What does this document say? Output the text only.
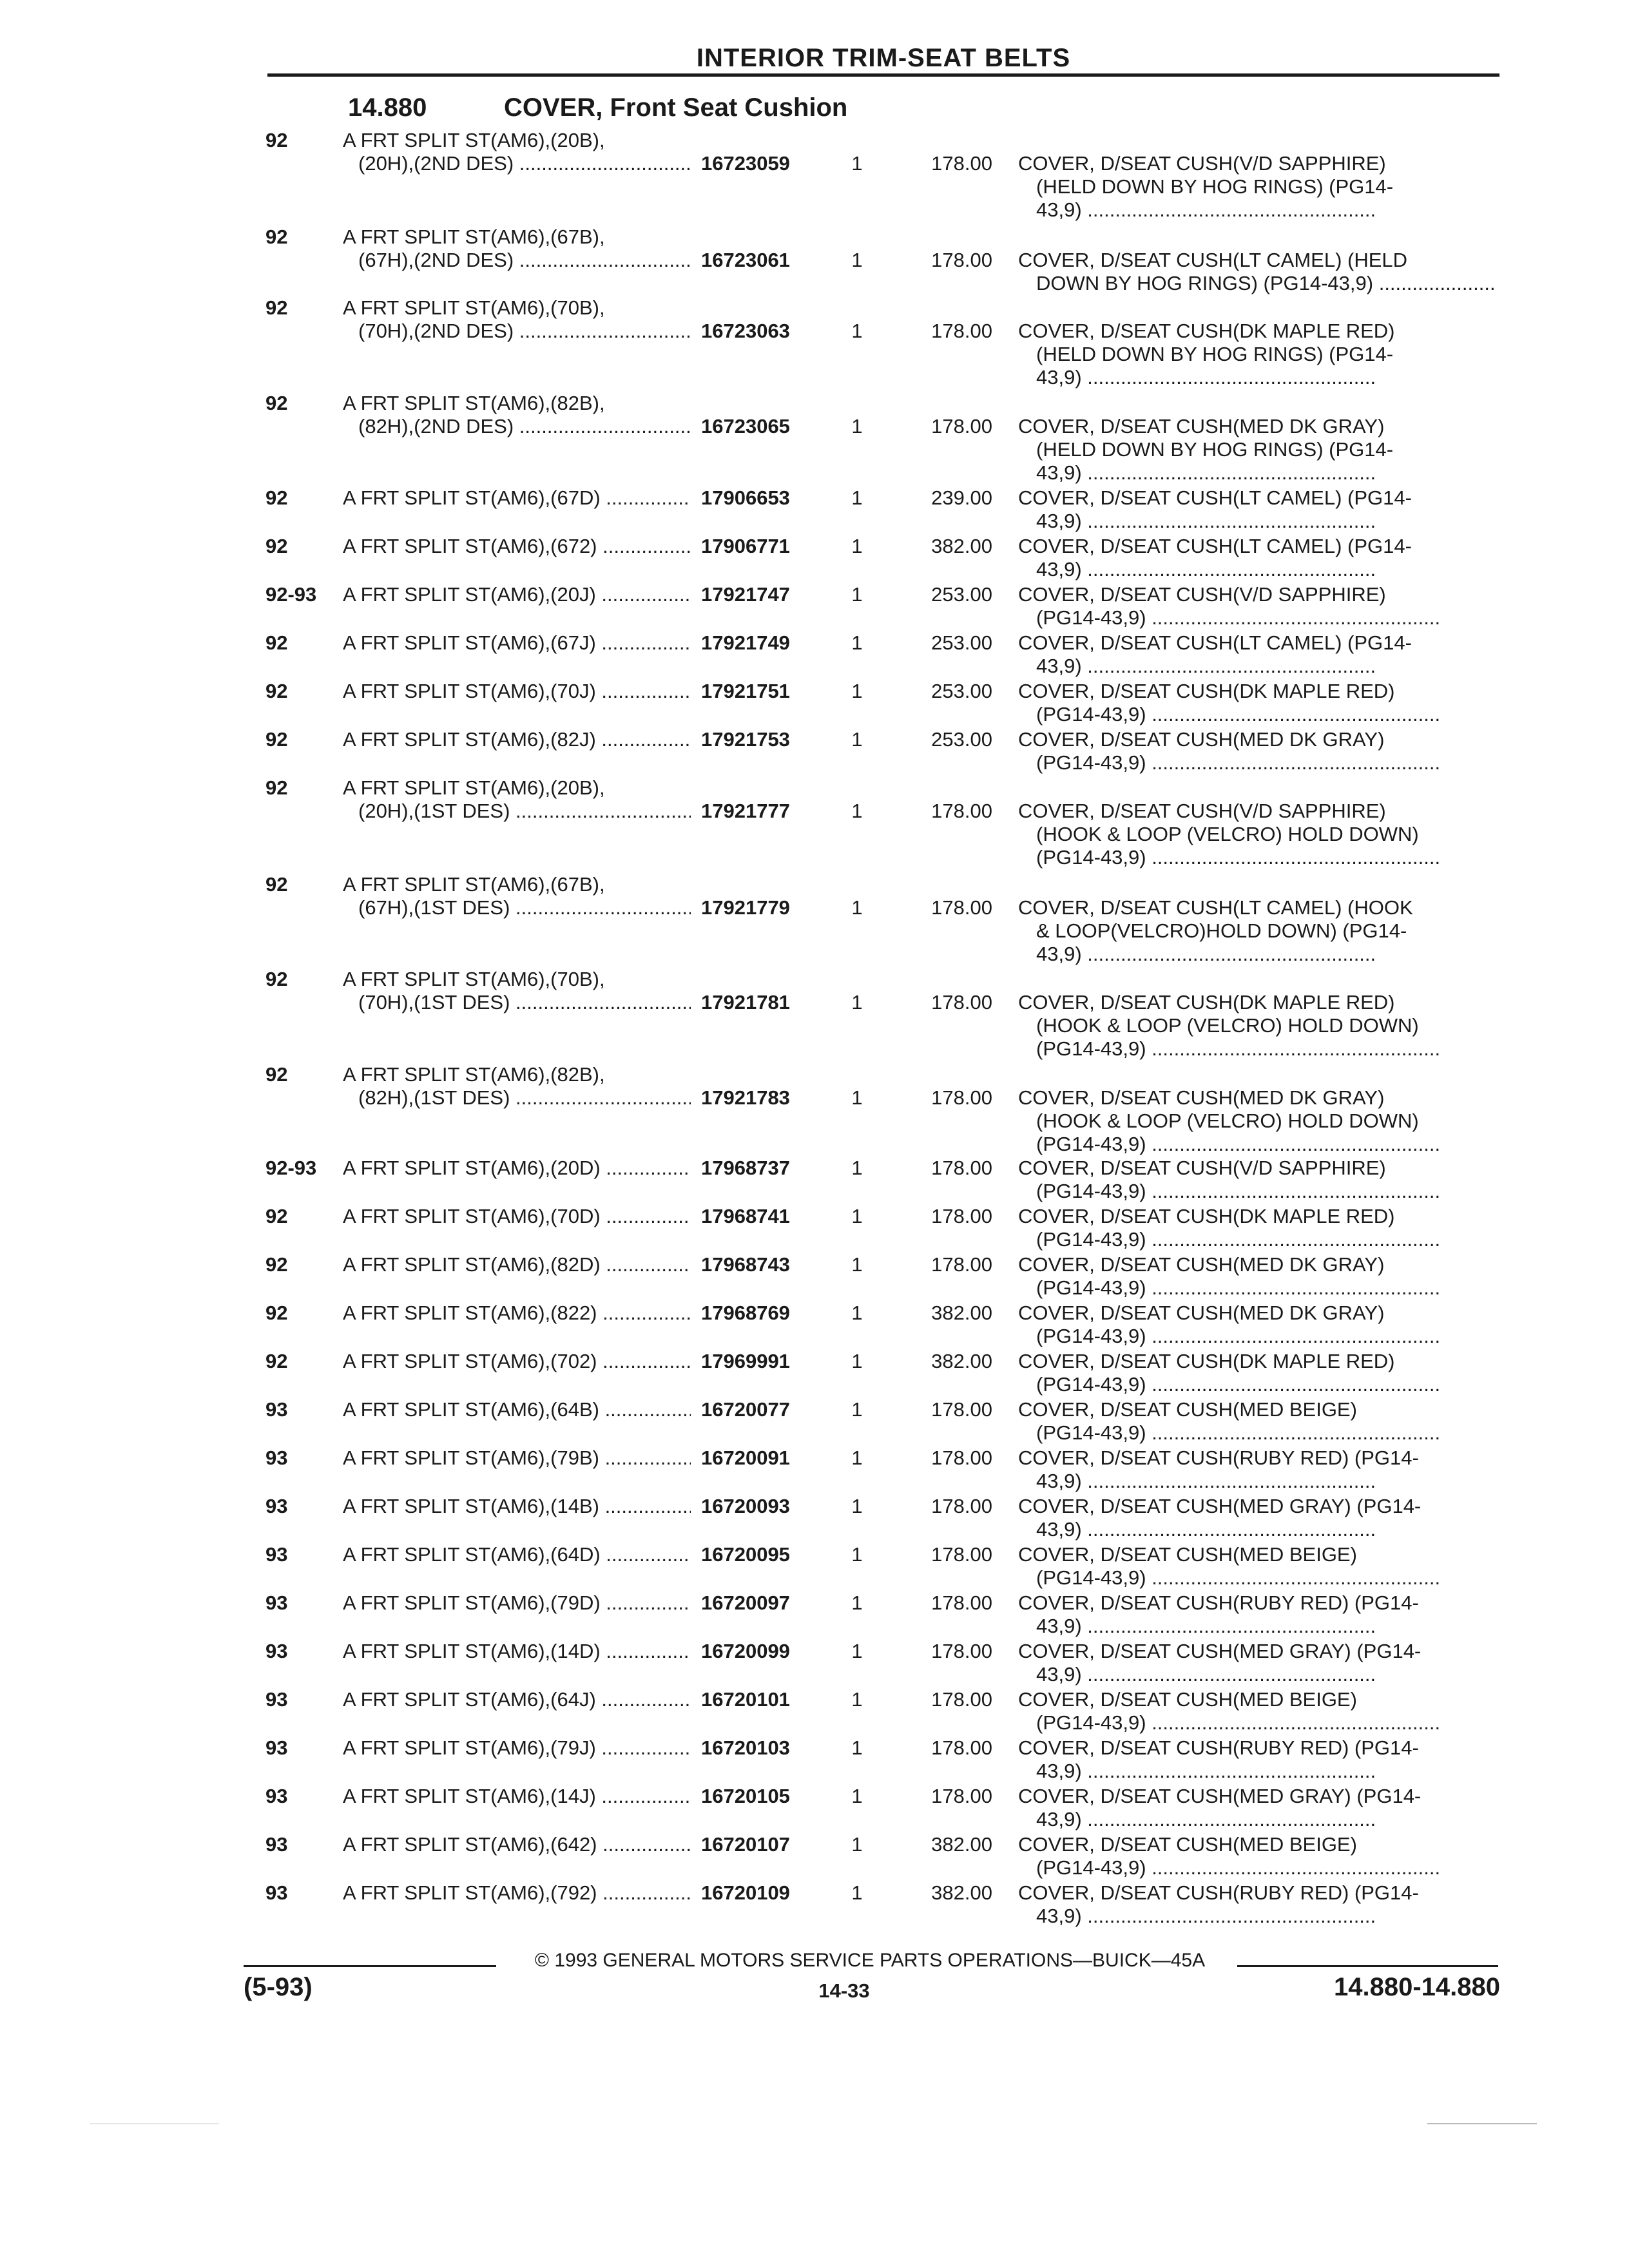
INTERIOR TRIM-SEAT BELTS
14.880	COVER, Front Seat Cushion
92	A FRT SPLIT ST(AM6),(20B),
(20H),(2ND DES) .....	16723059	1	178.00 COVER, D/SEAT CUSH(V/D SAPPHIRE)
(HELD DOWN BY HOG RINGS) (PG14-
43,9) .....
92	A FRT SPLIT ST(AM6),(67B),
(67H),(2ND DES) .....	16723061	1	178.00 COVER, D/SEAT CUSH(LT CAMEL) (HELD
DOWN BY HOG RINGS) (PG14-43,9) .....
92	A FRT SPLIT ST(AM6),(70B),
(70H),(2ND DES) .....	16723063	1	178.00 COVER, D/SEAT CUSH(DK MAPLE RED)
(HELD DOWN BY HOG RINGS) (PG14-
43,9) .....
92	A FRT SPLIT ST(AM6),(82B),
(82H),(2ND DES) .....	16723065	1	178.00 COVER, D/SEAT CUSH(MED DK GRAY)
(HELD DOWN BY HOG RINGS) (PG14-
43,9) .....
92	A FRT SPLIT ST(AM6),(67D) .....	17906653	1	239.00 COVER, D/SEAT CUSH(LT CAMEL) (PG14-
43,9) .....
92	A FRT SPLIT ST(AM6),(672) .....	17906771	1	382.00 COVER, D/SEAT CUSH(LT CAMEL) (PG14-
43,9) .....
92-93	A FRT SPLIT ST(AM6),(20J) .....	17921747	1	253.00 COVER, D/SEAT CUSH(V/D SAPPHIRE)
(PG14-43,9) .....
92	A FRT SPLIT ST(AM6),(67J) .....	17921749	1	253.00 COVER, D/SEAT CUSH(LT CAMEL) (PG14-
43,9) .....
92	A FRT SPLIT ST(AM6),(70J) .....	17921751	1	253.00 COVER, D/SEAT CUSH(DK MAPLE RED)
(PG14-43,9) .....
92	A FRT SPLIT ST(AM6),(82J) .....	17921753	1	253.00 COVER, D/SEAT CUSH(MED DK GRAY)
(PG14-43,9) .....
92	A FRT SPLIT ST(AM6),(20B),
(20H),(1ST DES) .....	17921777	1	178.00 COVER, D/SEAT CUSH(V/D SAPPHIRE)
(HOOK & LOOP (VELCRO) HOLD DOWN)
(PG14-43,9) .....
92	A FRT SPLIT ST(AM6),(67B),
(67H),(1ST DES) .....	17921779	1	178.00 COVER, D/SEAT CUSH(LT CAMEL) (HOOK
& LOOP(VELCRO)HOLD DOWN) (PG14-
43,9) .....
92	A FRT SPLIT ST(AM6),(70B),
(70H),(1ST DES) .....	17921781	1	178.00 COVER, D/SEAT CUSH(DK MAPLE RED)
(HOOK & LOOP (VELCRO) HOLD DOWN)
(PG14-43,9) .....
92	A FRT SPLIT ST(AM6),(82B),
(82H),(1ST DES) .....	17921783	1	178.00 COVER, D/SEAT CUSH(MED DK GRAY)
(HOOK & LOOP (VELCRO) HOLD DOWN)
(PG14-43,9) .....
92-93	A FRT SPLIT ST(AM6),(20D) .....	17968737	1	178.00 COVER, D/SEAT CUSH(V/D SAPPHIRE)
(PG14-43,9) .....
92	A FRT SPLIT ST(AM6),(70D) .....	17968741	1	178.00 COVER, D/SEAT CUSH(DK MAPLE RED)
(PG14-43,9) .....
92	A FRT SPLIT ST(AM6),(82D) .....	17968743	1	178.00 COVER, D/SEAT CUSH(MED DK GRAY)
(PG14-43,9) .....
92	A FRT SPLIT ST(AM6),(822) .....	17968769	1	382.00 COVER, D/SEAT CUSH(MED DK GRAY)
(PG14-43,9) .....
92	A FRT SPLIT ST(AM6),(702) .....	17969991	1	382.00 COVER, D/SEAT CUSH(DK MAPLE RED)
(PG14-43,9) .....
93	A FRT SPLIT ST(AM6),(64B) .....	16720077	1	178.00 COVER, D/SEAT CUSH(MED BEIGE)
(PG14-43,9) .....
93	A FRT SPLIT ST(AM6),(79B) .....	16720091	1	178.00 COVER, D/SEAT CUSH(RUBY RED) (PG14-
43,9) .....
93	A FRT SPLIT ST(AM6),(14B) .....	16720093	1	178.00 COVER, D/SEAT CUSH(MED GRAY) (PG14-
43,9) .....
93	A FRT SPLIT ST(AM6),(64D) .....	16720095	1	178.00 COVER, D/SEAT CUSH(MED BEIGE)
(PG14-43,9) .....
93	A FRT SPLIT ST(AM6),(79D) .....	16720097	1	178.00 COVER, D/SEAT CUSH(RUBY RED) (PG14-
43,9) .....
93	A FRT SPLIT ST(AM6),(14D) .....	16720099	1	178.00 COVER, D/SEAT CUSH(MED GRAY) (PG14-
43,9) .....
93	A FRT SPLIT ST(AM6),(64J) .....	16720101	1	178.00 COVER, D/SEAT CUSH(MED BEIGE)
(PG14-43,9) .....
93	A FRT SPLIT ST(AM6),(79J) .....	16720103	1	178.00 COVER, D/SEAT CUSH(RUBY RED) (PG14-
43,9) .....
93	A FRT SPLIT ST(AM6),(14J) .....	16720105	1	178.00 COVER, D/SEAT CUSH(MED GRAY) (PG14-
43,9) .....
93	A FRT SPLIT ST(AM6),(642) .....	16720107	1	382.00 COVER, D/SEAT CUSH(MED BEIGE)
(PG14-43,9) .....
93	A FRT SPLIT ST(AM6),(792) .....	16720109	1	382.00 COVER, D/SEAT CUSH(RUBY RED) (PG14-
43,9) .....
© 1993 GENERAL MOTORS SERVICE PARTS OPERATIONS—BUICK—45A
(5-93)	14-33	14.880-14.880
